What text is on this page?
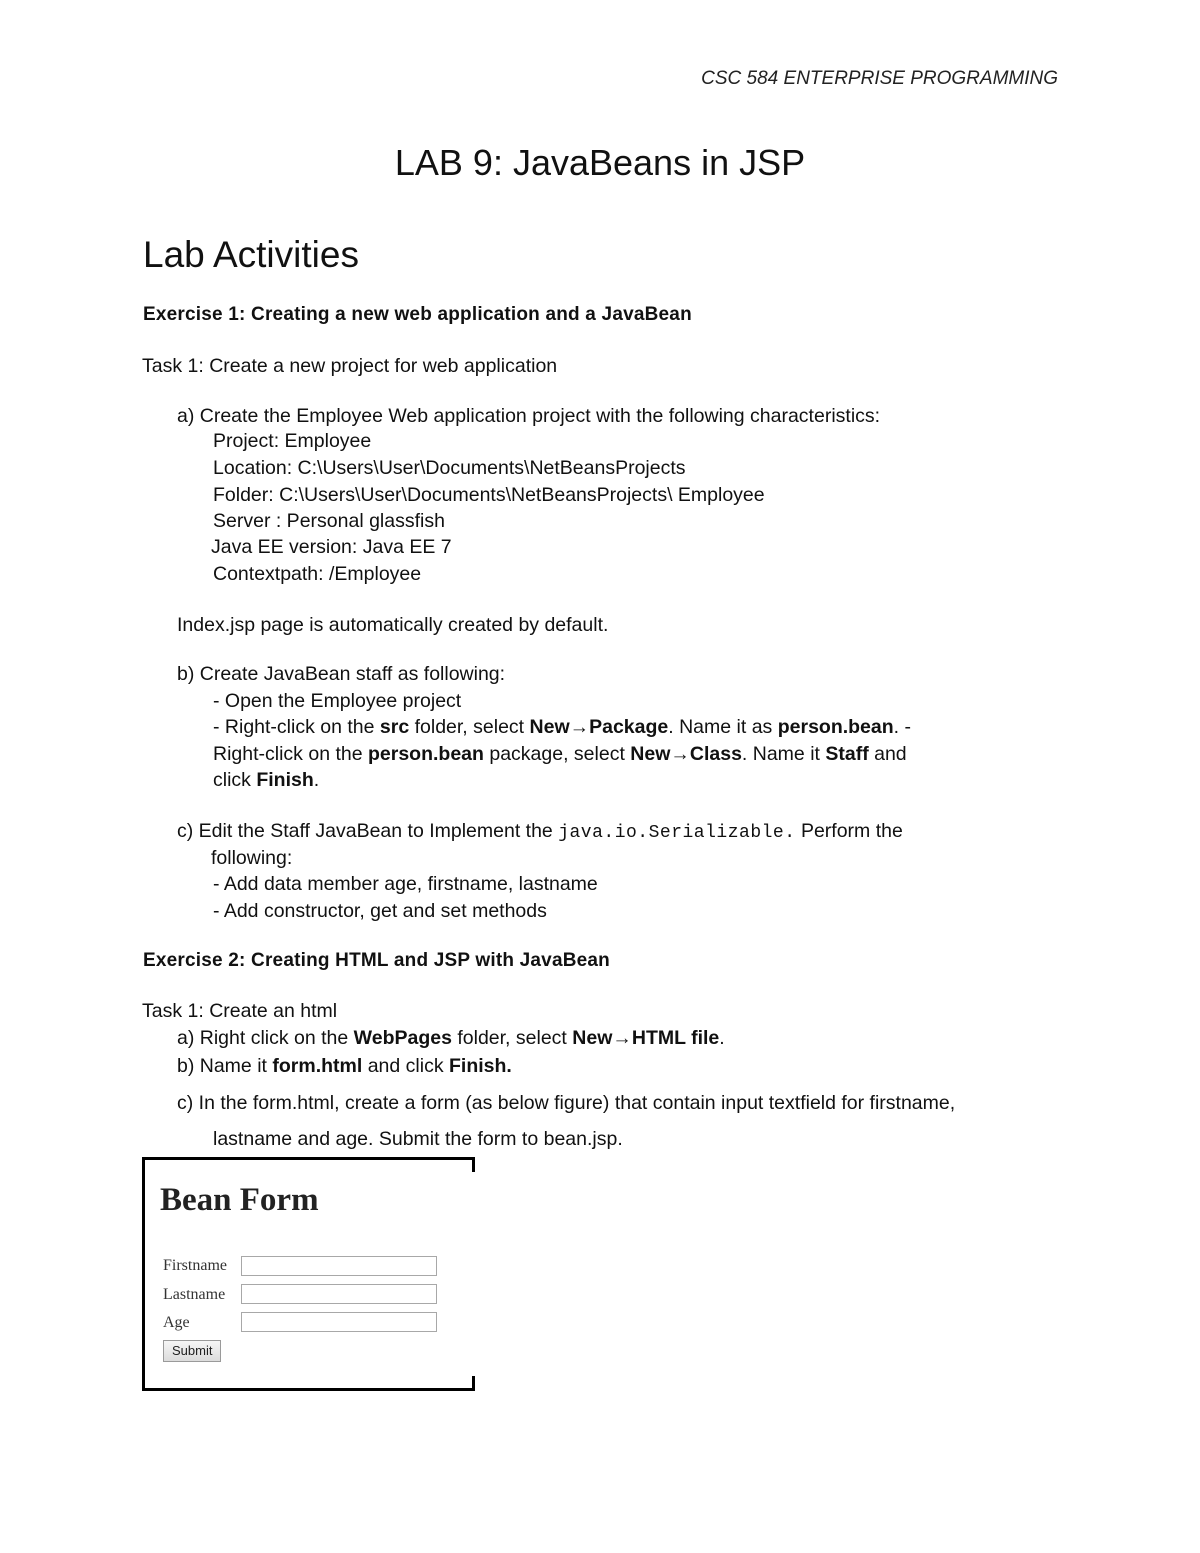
CSC 584 ENTERPRISE PROGRAMMING
LAB 9: JavaBeans in JSP
Lab Activities
Exercise 1: Creating a new web application and a JavaBean
Task 1: Create a new project for web application
a) Create the Employee Web application project with the following characteristics:
Project: Employee
Location: C:\Users\User\Documents\NetBeansProjects
Folder: C:\Users\User\Documents\NetBeansProjects\ Employee
Server : Personal glassfish
Java EE version: Java EE 7
Contextpath: /Employee
Index.jsp page is automatically created by default.
b) Create JavaBean staff as following:
- Open the Employee project
- Right-click on the src folder, select New→Package. Name it as person.bean. -
Right-click on the person.bean package, select New→Class. Name it Staff and
click Finish.
c) Edit the Staff JavaBean to Implement the java.io.Serializable. Perform the
following:
- Add data member age, firstname, lastname
- Add constructor, get and set methods
Exercise 2: Creating HTML and JSP with JavaBean
Task 1: Create an html
a) Right click on the WebPages folder, select New→HTML file.
b) Name it form.html and click Finish.
c) In the form.html, create a form (as below figure) that contain input textfield for firstname,
lastname and age. Submit the form to bean.jsp.
Bean Form
Firstname
Lastname
Age
Submit
